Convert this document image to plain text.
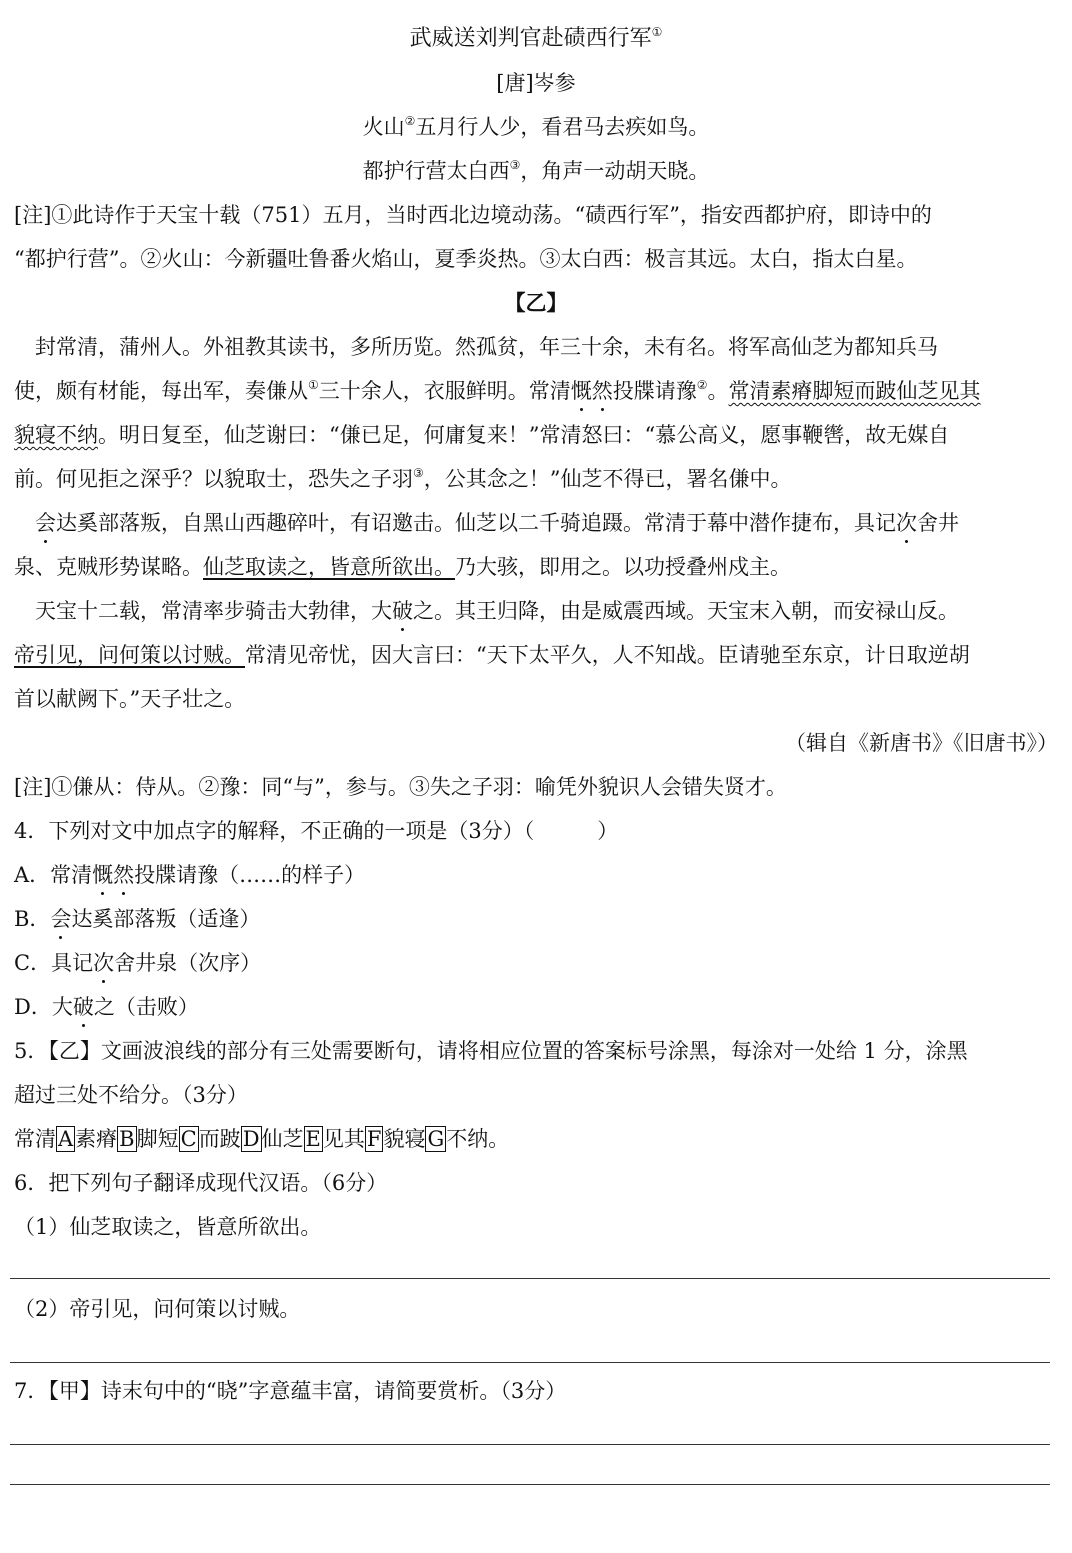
武威送刘判官赴碛西行军①
[唐]岑参
火山②五月行人少，看君马去疾如鸟。
都护行营太白西③，角声一动胡天晓。
[注]①此诗作于天宝十载（751）五月，当时西北边境动荡。“碛西行军”，指安西都护府，即诗中的
“都护行营”。②火山：今新疆吐鲁番火焰山，夏季炎热。③太白西：极言其远。太白，指太白星。
【乙】
　封常清，蒲州人。外祖教其读书，多所历览。然孤贫，年三十余，未有名。将军高仙芝为都知兵马
使，颇有材能，每出军，奏傔从①三十余人，衣服鲜明。常清慨然投牒请豫②。常清素瘠脚短而跛仙芝见其
貌寝不纳。明日复至，仙芝谢曰：“傔已足，何庸复来！”常清怒曰：“慕公高义，愿事鞭辔，故无媒自
前。何见拒之深乎？以貌取士，恐失之子羽③，公其念之！”仙芝不得已，署名傔中。
　会达奚部落叛，自黑山西趣碎叶，有诏邀击。仙芝以二千骑追蹑。常清于幕中潜作捷布，具记次舍井
泉、克贼形势谋略。仙芝取读之，皆意所欲出。乃大骇，即用之。以功授叠州戍主。
　天宝十二载，常清率步骑击大勃律，大破之。其王归降，由是威震西域。天宝末入朝，而安禄山反。
帝引见，问何策以讨贼。常清见帝忧，因大言曰：“天下太平久，人不知战。臣请驰至东京，计日取逆胡
首以献阙下。”天子壮之。
（辑自《新唐书》《旧唐书》）
[注]①傔从：侍从。②豫：同“与”，参与。③失之子羽：喻凭外貌识人会错失贤才。
4．下列对文中加点字的解释，不正确的一项是（3分）（　　　）
A．常清慨然投牒请豫（……的样子）
B．会达奚部落叛（适逢）
C．具记次舍井泉（次序）
D．大破之（击败）
5．【乙】文画波浪线的部分有三处需要断句，请将相应位置的答案标号涂黑，每涂对一处给 1 分，涂黑
超过三处不给分。（3分）
常清A素瘠B脚短C而跛D仙芝E见其F貌寝G不纳。
6．把下列句子翻译成现代汉语。（6分）
（1）仙芝取读之，皆意所欲出。
（2）帝引见，问何策以讨贼。
7．【甲】诗末句中的“晓”字意蕴丰富，请简要赏析。（3分）
